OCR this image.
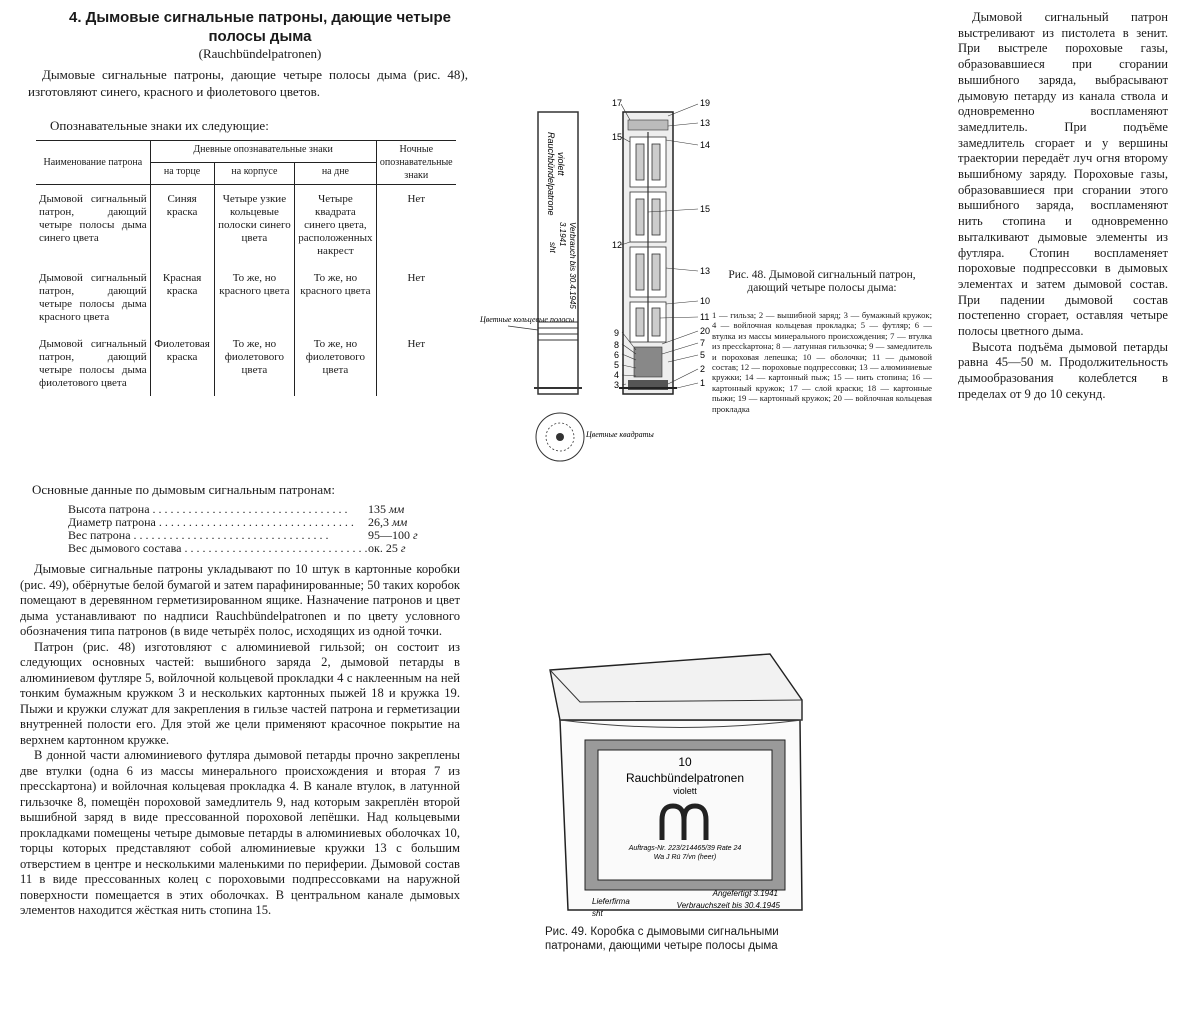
4. Дымовые сигнальные патроны, дающие четыре полосы дыма
(Rauchbündelpatronen)
Дымовые сигнальные патроны, дающие четыре полосы дыма (рис. 48), изготовляют синего, красного и фиолетового цветов.
Опознавательные знаки их следующие:
Наименование патрона	Дневные опознавательные знаки			Ночные опознавательные знаки
	на торце	на корпусе	на дне	
Дымовой сигнальный патрон, дающий четыре полосы дыма синего цвета	Синяя краска	Четыре узкие кольцевые полоски синего цвета	Четыре квадрата синего цвета, расположенных накрест	Нет
Дымовой сигнальный патрон, дающий четыре полосы дыма красного цвета	Красная краска	То же, но красного цвета	То же, но красного цвета	Нет
Дымовой сигнальный патрон, дающий четыре полосы дыма фиолетового цвета	Фиолетовая краска	То же, но фиолетового цвета	То же, но фиолетового цвета	Нет
Основные данные по дымовым сигнальным патронам:
Высота патрона . . .	135 мм
Диаметр патрона . . .	26,3 мм
Вес патрона . . .	95—100 г
Вес дымового состава . . .	ок. 25 г

Дымовые сигнальные патроны укладывают по 10 штук в картонные коробки (рис. 49), обёрнутые белой бумагой и затем парафинированные; 50 таких коробок помещают в деревянном герметизированном ящике. Назначение патронов и цвет дыма устанавливают по надписи Rauchbündelpatronen и по цвету условного обозначения типа патронов (в виде четырёх полос, исходящих из одной точки.

Патрон (рис. 48) изготовляют с алюминиевой гильзой; он состоит из следующих основных частей: вышибного заряда 2, дымовой петарды в алюминиевом футляре 5, войлочной кольцевой прокладки 4 с наклеенным на ней тонким бумажным кружком 3 и нескольких картонных пыжей 18 и кружка 19. Пыжи и кружки служат для закрепления в гильзе частей патрона и герметизации внутренней полости его. Для этой же цели применяют красочное покрытие на верхнем картонном кружке.

В донной части алюминиевого футляра дымовой петарды прочно закреплены две втулки (одна 6 из массы минерального происхождения и вторая 7 из прессkартона) и войлочная кольцевая прокладка 4. В канале втулок, в латунной гильзочке 8, помещён пороховой замедлитель 9, над которым закреплён второй вышибной заряд в виде прессованной пороховой лепёшки. Над кольцевыми прокладками помещены четыре дымовые петарды в алюминиевых оболочках 10, торцы которых представляют собой алюминиевые кружки 13 с большим отверстием в центре и несколькими маленькими по периферии. Дымовой состав 11 в виде прессованных колец с пороховыми подпрессовками на наружной поверхности помещается в этих оболочках. В центральном канале дымовых элементов находится жёсткая нить стопина 15.

Дымовой сигнальный патрон выстреливают из пистолета в зенит. При выстреле пороховые газы, образовавшиеся при сгорании вышибного заряда, выбрасывают дымовую петарду из канала ствола и одновременно воспламеняют замедлитель. При подъёме замедлитель сгорает и у вершины траектории передаёт луч огня второму вышибному заряду. Пороховые газы, образовавшиеся при сгорании этого вышибного заряда, воспламеняют нить стопина и одновременно выталкивают дымовые элементы из футляра. Стопин воспламеняет пороховые подпрессовки в дымовых элементах и затем дымовой состав. При падении дымовой состав постепенно сгорает, оставляя четыре полосы цветного дыма.

Высота подъёма дымовой петарды равна 45—50 м. Продолжительность дымообразования колеблется в пределах от 9 до 10 секунд.

Rauchbündelpatrone violett
sht
3.1941 Verbrauch bis 30.4.1945
Цветные кольцевые полосы
Цветные квадраты
17
15
12
9
8
6
5
4
3
19
13
14
15
13
10
11
20
7
5
2
1
Рис. 48. Дымовой сигнальный патрон, дающий четыре полосы дыма:
1 — гильза; 2 — вышибной заряд; 3 — бумажный кружок; 4 — войлочная кольцевая прокладка; 5 — футляр; 6 — втулка из массы минерального происхождения; 7 — втулка из прессkартона; 8 — латунная гильзочка; 9 — замедлитель и пороховая лепешка; 10 — оболочки; 11 — дымовой состав; 12 — пороховые подпрессовки; 13 — алюминиевые кружки; 14 — картонный пыж; 15 — нить стопина; 16 — картонный кружок; 17 — слой краски; 18 — картонные пыжи; 19 — картонный кружок; 20 — войлочная кольцевая прокладка
10
Rauchbündelpatronen
violett
Auftrags-Nr. 223/214465/39 Rate 24
Wa J Rü 7/vn (heer)
Angefertigt 3.1941
Lieferfirma
sht
Verbrauchszeit bis 30.4.1945
Рис. 49. Коробка с дымовыми сигнальными патронами, дающими четыре полосы дыма
